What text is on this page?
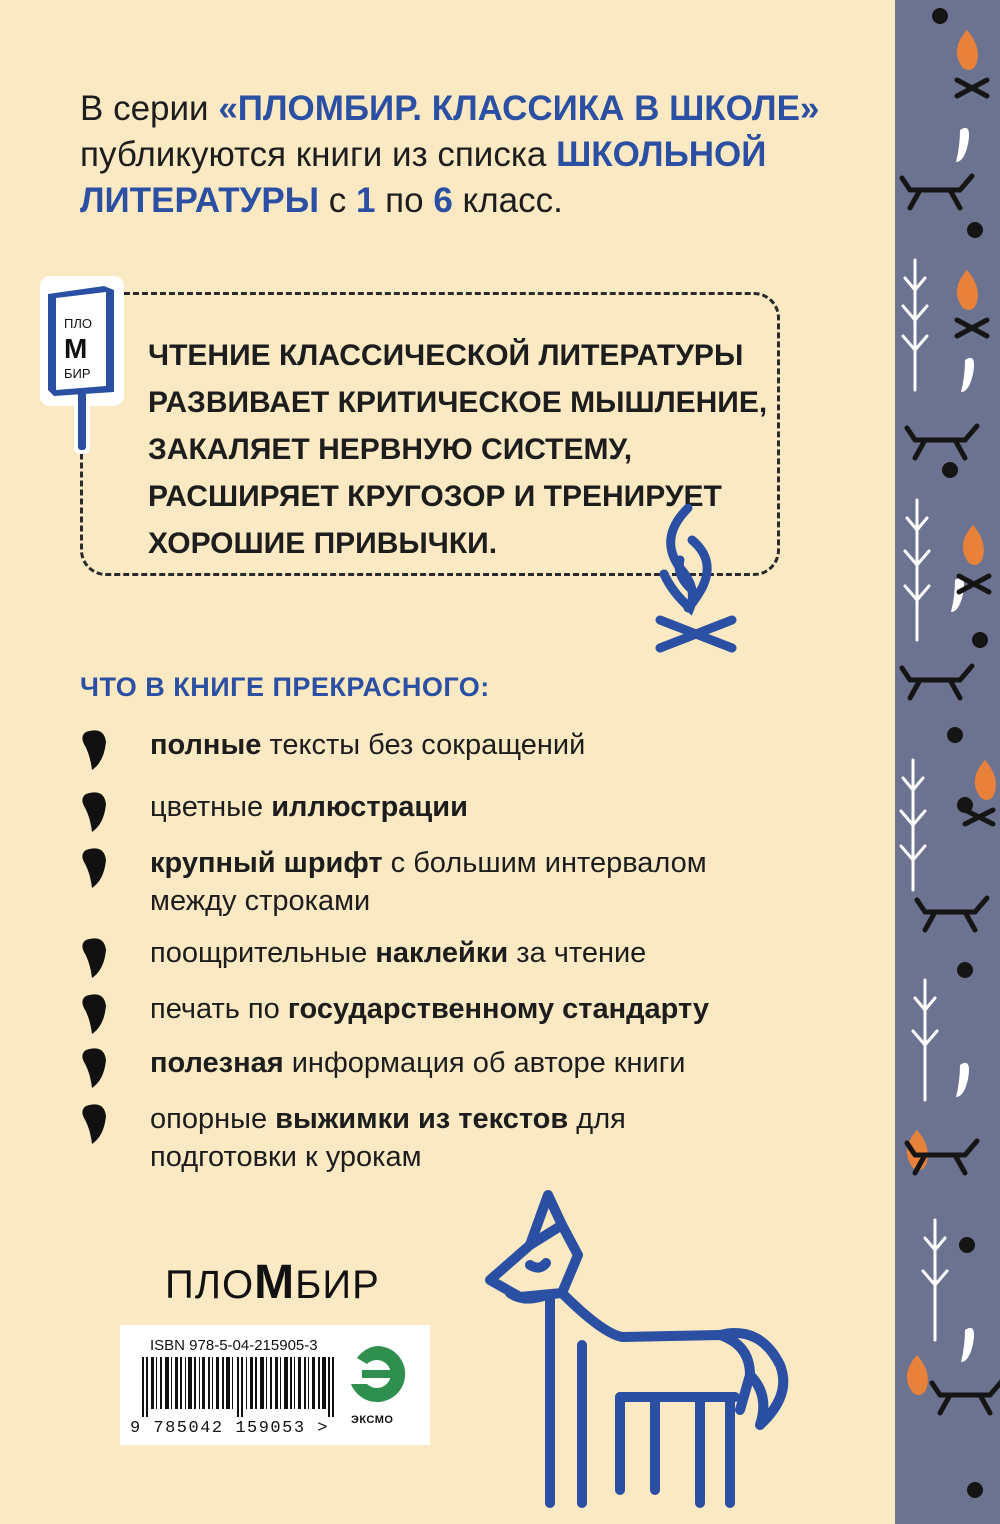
В серии «ПЛОМБИР. КЛАССИКА В ШКОЛЕ»
публикуются книги из списка ШКОЛЬНОЙ ЛИТЕРАТУРЫ с 1 по 6 класс.
ПЛО
М
БИР
ЧТЕНИЕ КЛАССИЧЕСКОЙ ЛИТЕРАТУРЫ
РАЗВИВАЕТ КРИТИЧЕСКОЕ МЫШЛЕНИЕ,
ЗАКАЛЯЕТ НЕРВНУЮ СИСТЕМУ,
РАСШИРЯЕТ КРУГОЗОР И ТРЕНИРУЕТ
ХОРОШИЕ ПРИВЫЧКИ.
ЧТО В КНИГЕ ПРЕКРАСНОГО:
полные тексты без сокращений
цветные иллюстрации
крупный шрифт с большим интервалом между строками
поощрительные наклейки за чтение
печать по государственному стандарту
полезная информация об авторе книги
опорные выжимки из текстов для подготовки к урокам
ПЛОМБИР
ISBN 978-5-04-215905-3
9 785042 159053 > ЭКСМО
